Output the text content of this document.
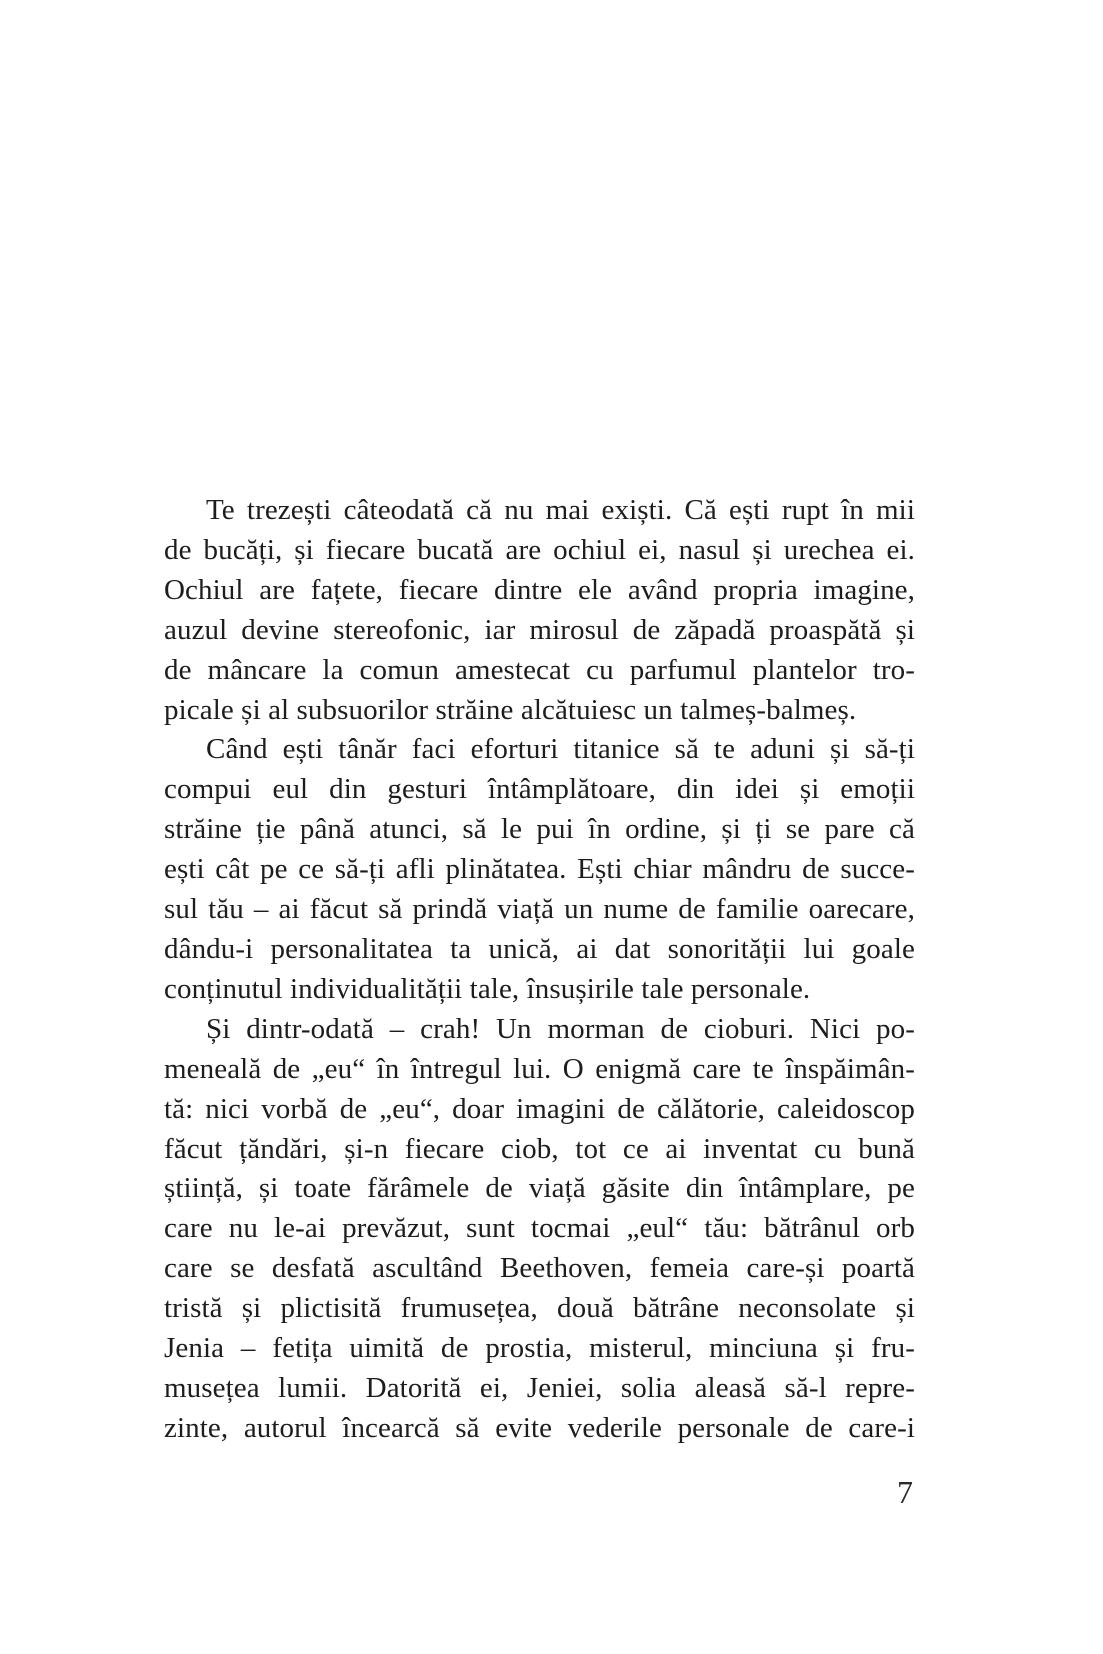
Te trezești câteodată că nu mai exiști. Că ești rupt în mii
de bucăți, și fiecare bucată are ochiul ei, nasul și urechea ei.
Ochiul are fațete, fiecare dintre ele având propria imagine,
auzul devine stereofonic, iar mirosul de zăpadă proaspătă și
de mâncare la comun amestecat cu parfumul plantelor tro-
picale și al subsuorilor străine alcătuiesc un talmeș-balmeș.
Când ești tânăr faci eforturi titanice să te aduni și să-ți
compui eul din gesturi întâmplătoare, din idei și emoții
străine ție până atunci, să le pui în ordine, și ți se pare că
ești cât pe ce să-ți afli plinătatea. Ești chiar mândru de succe-
sul tău – ai făcut să prindă viață un nume de familie oarecare,
dându-i personalitatea ta unică, ai dat sonorității lui goale
conținutul individualității tale, însușirile tale personale.
Și dintr-odată – crah! Un morman de cioburi. Nici po-
meneală de „eu“ în întregul lui. O enigmă care te înspăimân-
tă: nici vorbă de „eu“, doar imagini de călătorie, caleidoscop
făcut țăndări, și-n fiecare ciob, tot ce ai inventat cu bună
știință, și toate fărâmele de viață găsite din întâmplare, pe
care nu le-ai prevăzut, sunt tocmai „eul“ tău: bătrânul orb
care se desfată ascultând Beethoven, femeia care-și poartă
tristă și plictisită frumusețea, două bătrâne neconsolate și
Jenia – fetița uimită de prostia, misterul, minciuna și fru-
musețea lumii. Datorită ei, Jeniei, solia aleasă să-l repre-
zinte, autorul încearcă să evite vederile personale de care-i
7
